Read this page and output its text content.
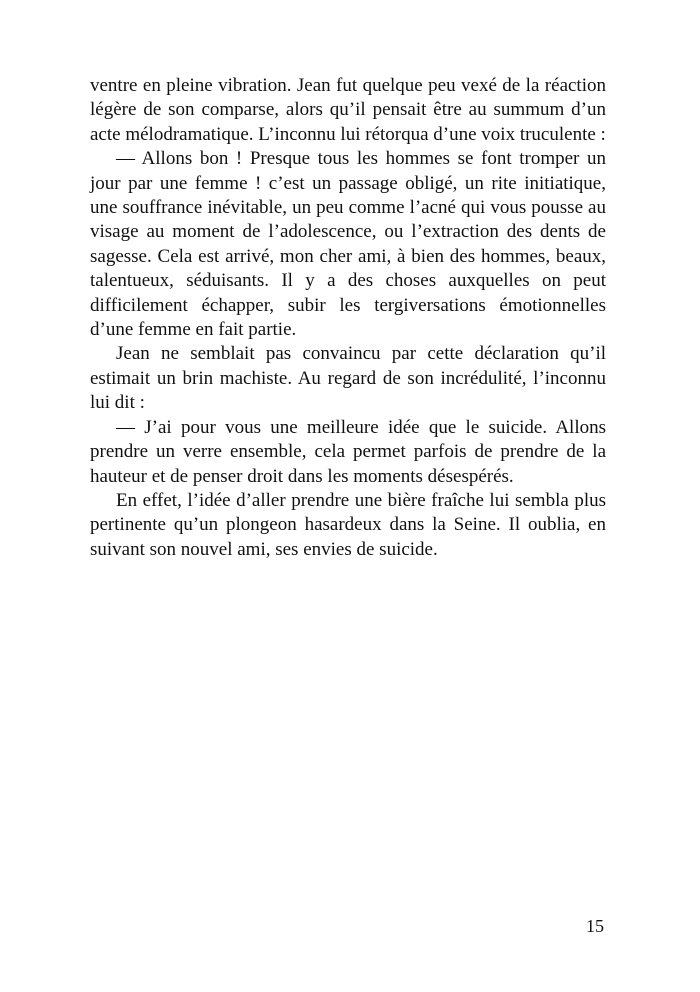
ventre en pleine vibration. Jean fut quelque peu vexé de la réaction légère de son comparse, alors qu’il pensait être au summum d’un acte mélodramatique. L’inconnu lui rétorqua d’une voix truculente :

— Allons bon ! Presque tous les hommes se font tromper un jour par une femme ! c’est un passage obligé, un rite initiatique, une souffrance inévitable, un peu comme l’acné qui vous pousse au visage au moment de l’adolescence, ou l’extraction des dents de sagesse. Cela est arrivé, mon cher ami, à bien des hommes, beaux, talentueux, séduisants. Il y a des choses auxquelles on peut difficilement échapper, subir les tergiversations émotionnelles d’une femme en fait partie.

Jean ne semblait pas convaincu par cette déclaration qu’il estimait un brin machiste. Au regard de son incrédulité, l’inconnu lui dit :

— J’ai pour vous une meilleure idée que le suicide. Allons prendre un verre ensemble, cela permet parfois de prendre de la hauteur et de penser droit dans les moments désespérés.

En effet, l’idée d’aller prendre une bière fraîche lui sembla plus pertinente qu’un plongeon hasardeux dans la Seine. Il oublia, en suivant son nouvel ami, ses envies de suicide.

15
